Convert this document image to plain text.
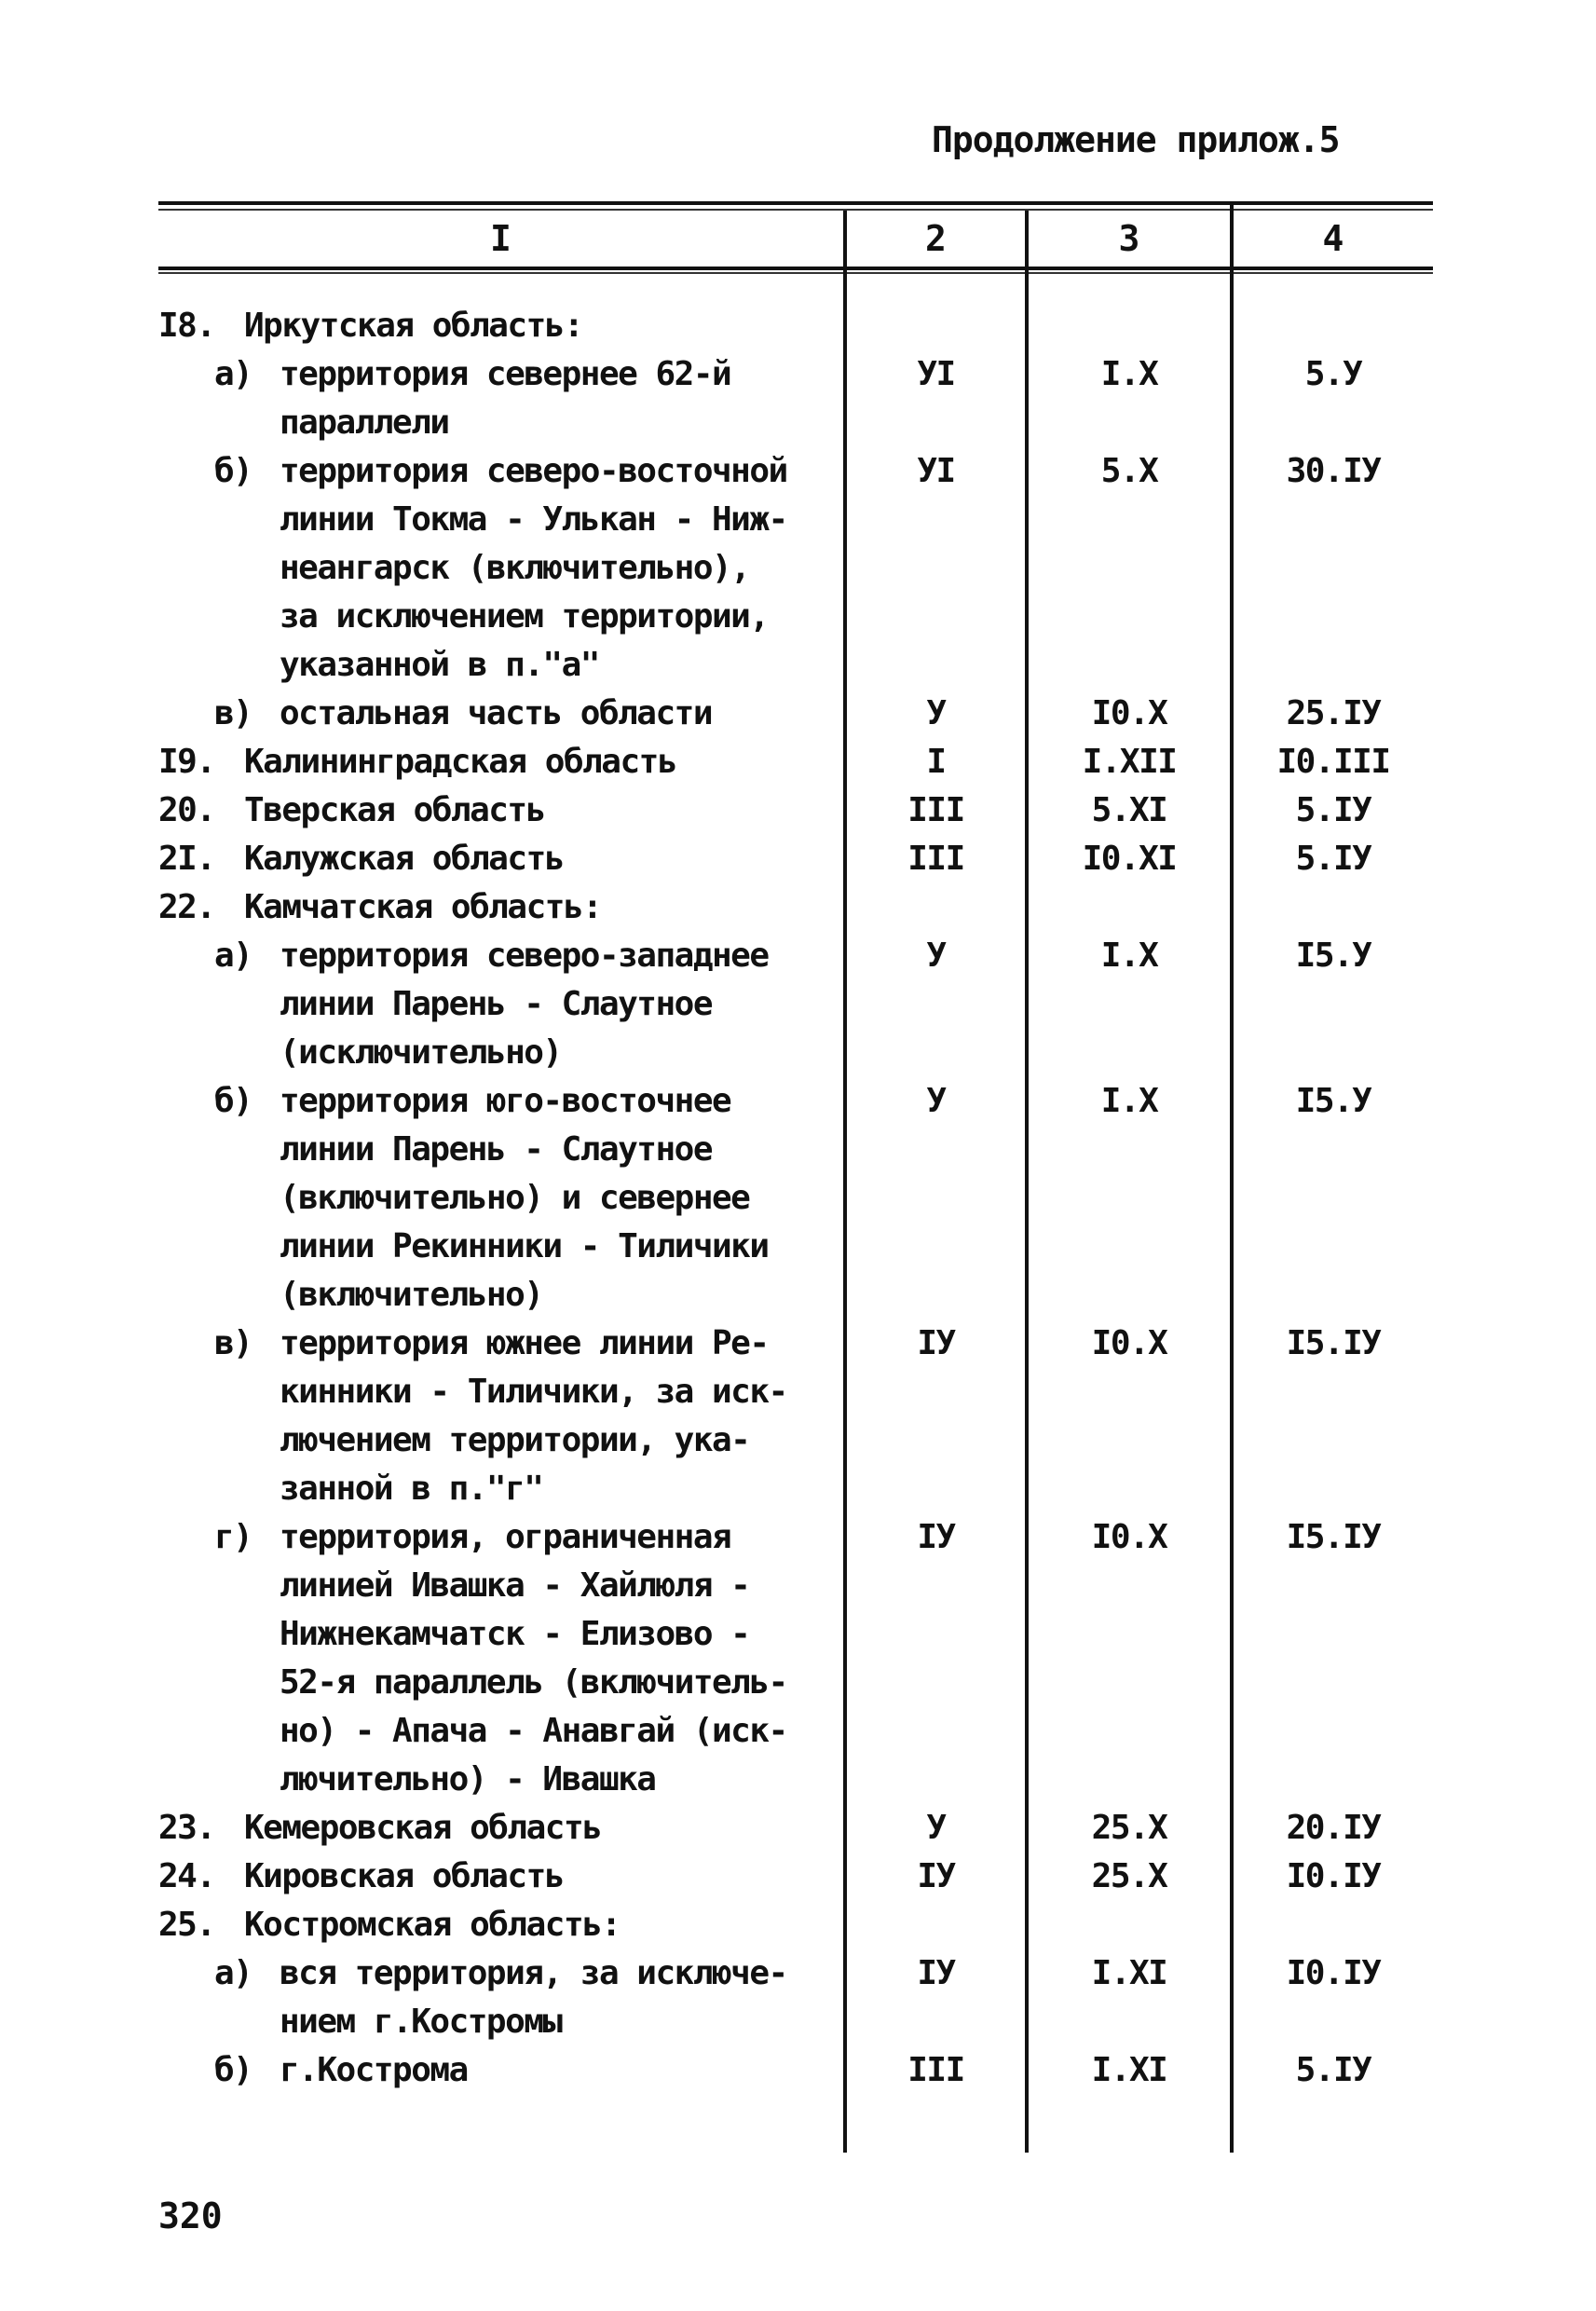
Продолжение прилож.5
I	2	3	4
I8. Иркутская область:
а) территория севернее 62-й
параллели
УI	I.X	5.У
б) территория северо-восточной
линии Токма - Улькан - Ниж-
неангарск (включительно),
за исключением территории,
указанной в п."а"
УI	5.X	30.IУ
в) остальная часть области	У	I0.X	25.IУ
I9. Калининградская область	I	I.XII	I0.III
20. Тверская область	III	5.XI	5.IУ
2I. Калужская область	III	I0.XI	5.IУ
22. Камчатская область:
а) территория северо-западнее
линии Парень - Слаутное
(исключительно)
У	I.X	I5.У
б) территория юго-восточнее
линии Парень - Слаутное
(включительно) и севернее
линии Рекинники - Тиличики
(включительно)
У	I.X	I5.У
в) территория южнее линии Ре-
кинники - Тиличики, за иск-
лючением территории, ука-
занной в п."г"
IУ	I0.X	I5.IУ
г) территория, ограниченная
линией Ивашка - Хайлюля -
Нижнекамчатск - Елизово -
52-я параллель (включитель-
но) - Апача - Анавгай (иск-
лючительно) - Ивашка
IУ	I0.X	I5.IУ
23. Кемеровская область	У	25.X	20.IУ
24. Кировская область	IУ	25.X	I0.IУ
25. Костромская область:
а) вся территория, за исключе-
нием г.Костромы
IУ	I.XI	I0.IУ
б) г.Кострома	III	I.XI	5.IУ
320
